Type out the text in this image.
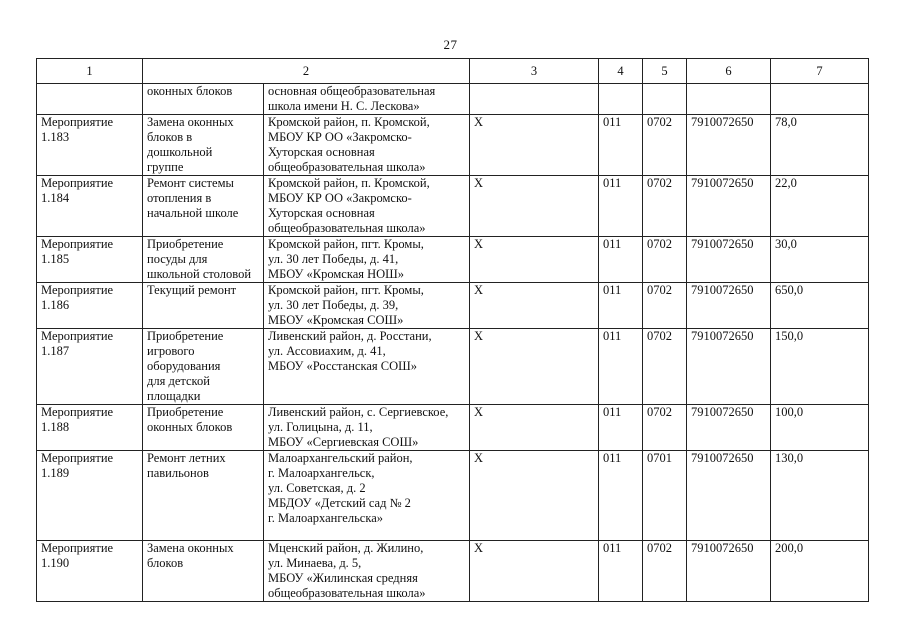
27
1	2		3	4	5	6	7
	оконных блоков	основная общеобразовательная
школа имени Н. С. Лескова»					
Мероприятие
1.183	Замена оконных
блоков в
дошкольной
группе	Кромской район, п. Кромской,
МБОУ КР ОО «Закромско-
Хуторская основная
общеобразовательная школа»	Х	011	0702	7910072650	78,0
Мероприятие
1.184	Ремонт системы
отопления в
начальной школе	Кромской район, п. Кромской,
МБОУ КР ОО «Закромско-
Хуторская основная
общеобразовательная школа»	Х	011	0702	7910072650	22,0
Мероприятие
1.185	Приобретение
посуды для
школьной столовой	Кромской район, пгт. Кромы,
ул. 30 лет Победы, д. 41,
МБОУ «Кромская НОШ»	Х	011	0702	7910072650	30,0
Мероприятие
1.186	Текущий ремонт	Кромской район, пгт. Кромы,
ул. 30 лет Победы, д. 39,
МБОУ «Кромская СОШ»	Х	011	0702	7910072650	650,0
Мероприятие
1.187	Приобретение
игрового
оборудования
для детской
площадки	Ливенский район, д. Росстани,
ул. Ассовиахим, д. 41,
МБОУ «Росстанская СОШ»	Х	011	0702	7910072650	150,0
Мероприятие
1.188	Приобретение
оконных блоков	Ливенский район, с. Сергиевское,
ул. Голицына, д. 11,
МБОУ «Сергиевская СОШ»	Х	011	0702	7910072650	100,0
Мероприятие
1.189	Ремонт летних
павильонов	Малоархангельский район,
г. Малоархангельск,
ул. Советская, д. 2
МБДОУ «Детский сад № 2
г. Малоархангельска»	Х	011	0701	7910072650	130,0
Мероприятие
1.190	Замена оконных
блоков	Мценский район, д. Жилино,
ул. Минаева, д. 5,
МБОУ «Жилинская средняя
общеобразовательная школа»	Х	011	0702	7910072650	200,0
